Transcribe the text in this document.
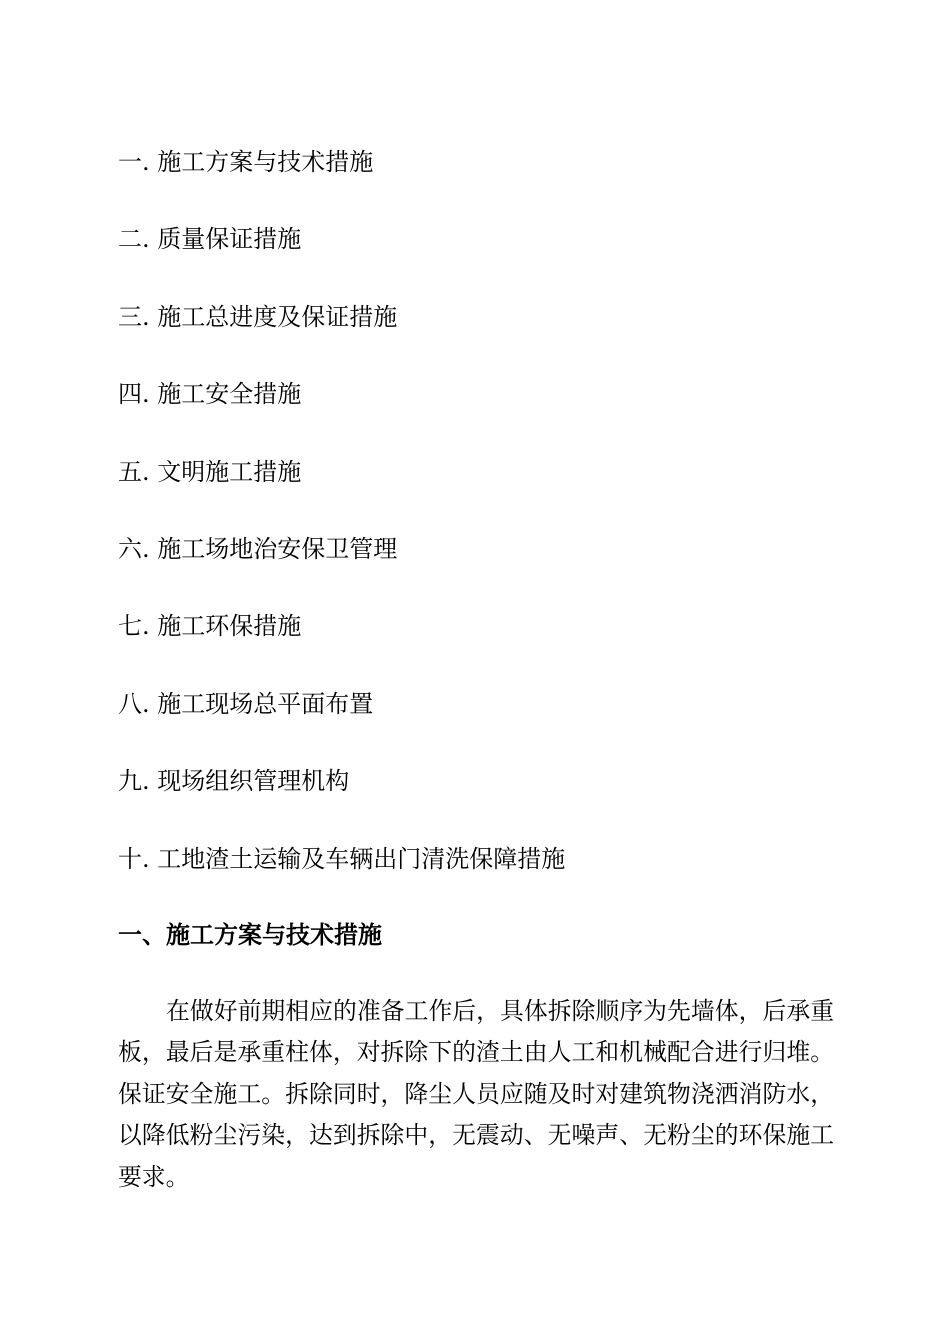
一. 施工方案与技术措施
二. 质量保证措施
三. 施工总进度及保证措施
四. 施工安全措施
五. 文明施工措施
六. 施工场地治安保卫管理
七. 施工环保措施
八. 施工现场总平面布置
九. 现场组织管理机构
十. 工地渣土运输及车辆出门清洗保障措施
一、施工方案与技术措施

在做好前期相应的准备工作后，具体拆除顺序为先墙体，后承重板，最后是承重柱体，对拆除下的渣土由人工和机械配合进行归堆。保证安全施工。拆除同时，降尘人员应随及时对建筑物浇洒消防水，以降低粉尘污染，达到拆除中，无震动、无噪声、无粉尘的环保施工要求。
